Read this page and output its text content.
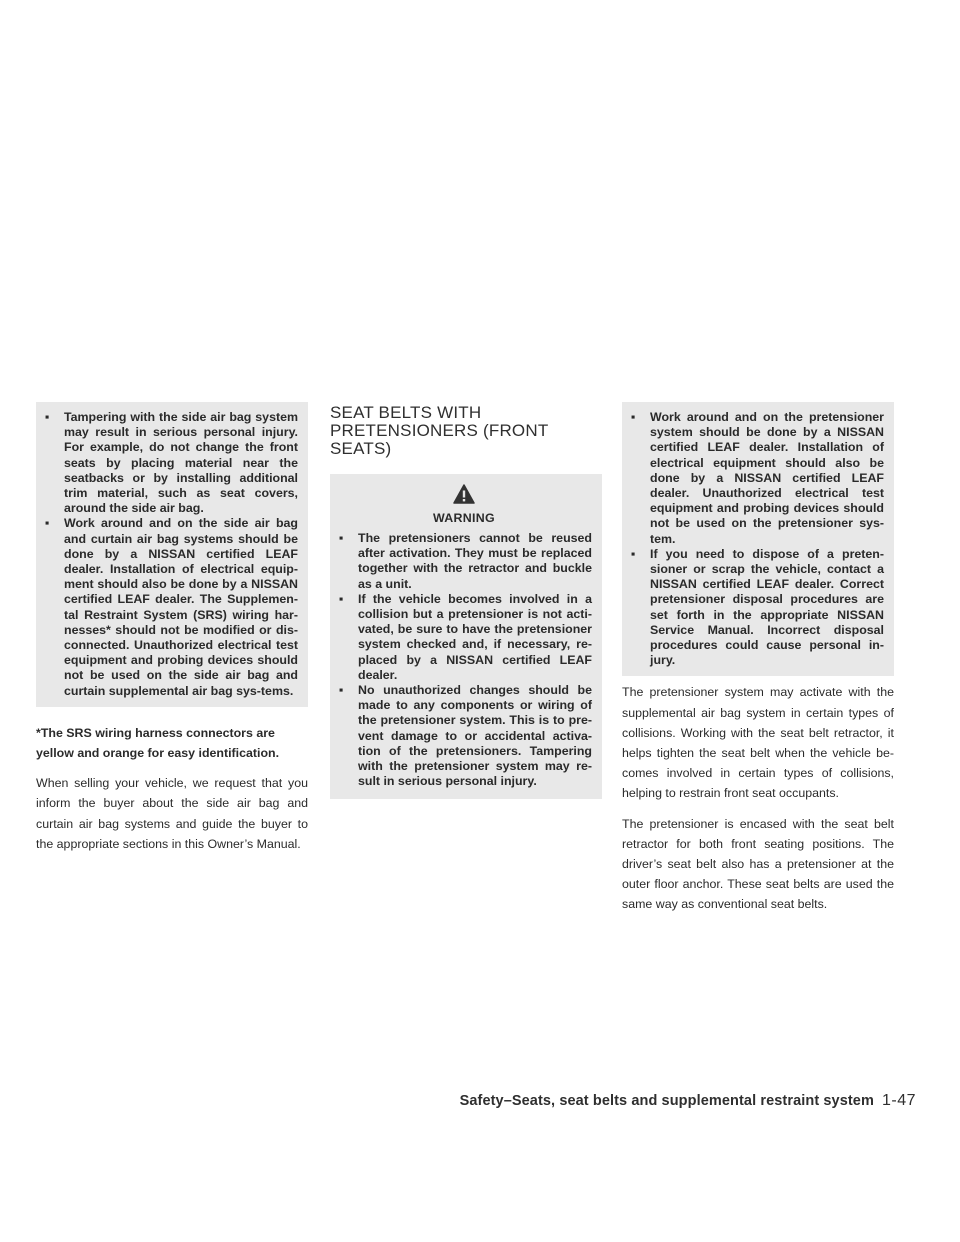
▪ Tampering with the side air bag system may result in serious personal injury. For example, do not change the front seats by placing material near the seatbacks or by installing additional trim material, such as seat covers, around the side air bag.
▪ Work around and on the side air bag and curtain air bag systems should be done by a NISSAN certified LEAF dealer. Installation of electrical equip-ment should also be done by a NISSAN certified LEAF dealer. The Supplemen-tal Restraint System (SRS) wiring har-nesses* should not be modified or dis-connected. Unauthorized electrical test equipment and probing devices should not be used on the side air bag and curtain supplemental air bag sys-tems.

*The SRS wiring harness connectors are yellow and orange for easy identification.

When selling your vehicle, we request that you inform the buyer about the side air bag and curtain air bag systems and guide the buyer to the appropriate sections in this Owner’s Manual.

SEAT BELTS WITH
PRETENSIONERS (FRONT SEATS)
WARNING
▪ The pretensioners cannot be reused after activation. They must be replaced together with the retractor and buckle as a unit.
▪ If the vehicle becomes involved in a collision but a pretensioner is not acti-vated, be sure to have the pretensioner system checked and, if necessary, re-placed by a NISSAN certified LEAF dealer.
▪ No unauthorized changes should be made to any components or wiring of the pretensioner system. This is to pre-vent damage to or accidental activa-tion of the pretensioners. Tampering with the pretensioner system may re-sult in serious personal injury.
▪ Work around and on the pretensioner system should be done by a NISSAN certified LEAF dealer. Installation of electrical equipment should also be done by a NISSAN certified LEAF dealer. Unauthorized electrical test equipment and probing devices should not be used on the pretensioner sys-tem.
▪ If you need to dispose of a preten-sioner or scrap the vehicle, contact a NISSAN certified LEAF dealer. Correct pretensioner disposal procedures are set forth in the appropriate NISSAN Service Manual. Incorrect disposal procedures could cause personal in-jury.

The pretensioner system may activate with the supplemental air bag system in certain types of collisions. Working with the seat belt retractor, it helps tighten the seat belt when the vehicle be-comes involved in certain types of collisions, helping to restrain front seat occupants.

The pretensioner is encased with the seat belt retractor for both front seating positions. The driver’s seat belt also has a pretensioner at the outer floor anchor. These seat belts are used the same way as conventional seat belts.

Safety–Seats, seat belts and supplemental restraint system 1-47
